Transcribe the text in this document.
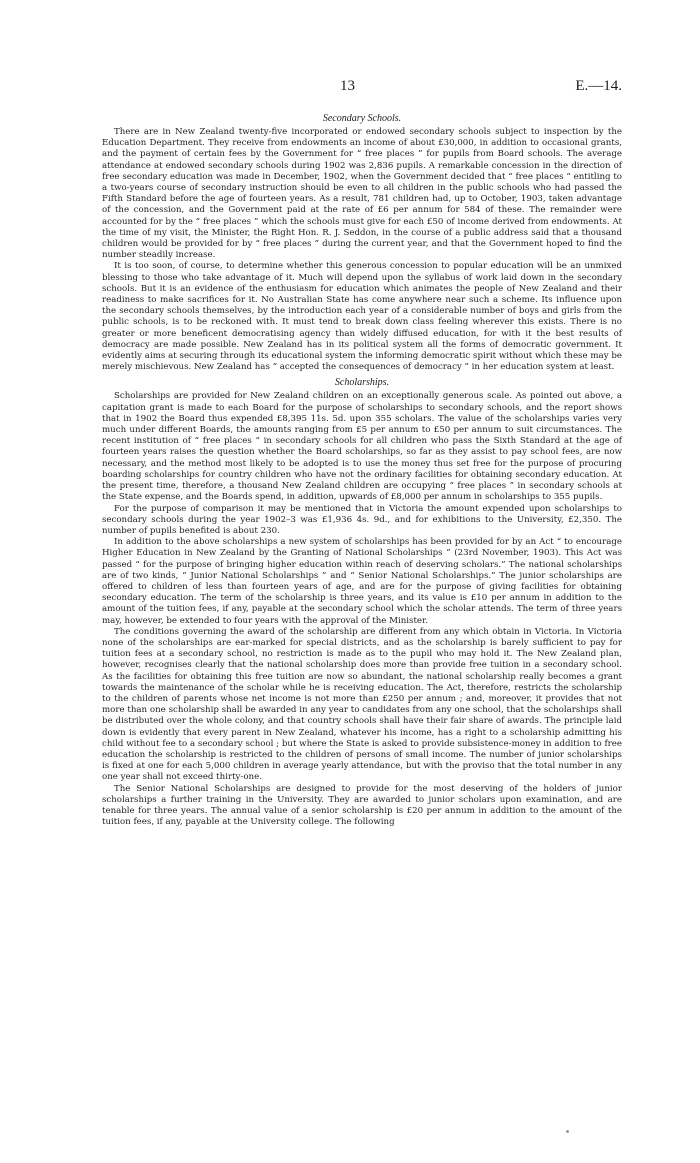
13	E.—14.
Secondary Schools.

There are in New Zealand twenty-five incorporated or endowed secondary schools subject to inspection by the Education Department. They receive from endowments an income of about £30,000, in addition to occasional grants, and the payment of certain fees by the Government for “ free places ” for pupils from Board schools. The average attendance at endowed secondary schools during 1902 was 2,836 pupils. A remarkable concession in the direction of free secondary education was made in December, 1902, when the Government decided that “ free places ” entitling to a two-years course of secondary instruction should be even to all children in the public schools who had passed the Fifth Standard before the age of fourteen years. As a result, 781 children had, up to October, 1903, taken advantage of the concession, and the Government paid at the rate of £6 per annum for 584 of these. The remainder were accounted for by the “ free places ” which the schools must give for each £50 of income derived from endowments. At the time of my visit, the Minister, the Right Hon. R. J. Seddon, in the course of a public address said that a thousand children would be provided for by “ free places ” during the current year, and that the Government hoped to find the number steadily increase.

It is too soon, of course, to determine whether this generous concession to popular education will be an unmixed blessing to those who take advantage of it. Much will depend upon the syllabus of work laid down in the secondary schools. But it is an evidence of the enthusiasm for education which animates the people of New Zealand and their readiness to make sacrifices for it. No Australian State has come anywhere near such a scheme. Its influence upon the secondary schools themselves, by the introduction each year of a considerable number of boys and girls from the public schools, is to be reckoned with. It must tend to break down class feeling wherever this exists. There is no greater or more beneficent democratising agency than widely diffused education, for with it the best results of democracy are made possible. New Zealand has in its political system all the forms of democratic government. It evidently aims at securing through its educational system the informing democratic spirit without which these may be merely mischievous. New Zealand has “ accepted the consequences of democracy ” in her education system at least.

Scholarships.

Scholarships are provided for New Zealand children on an exceptionally generous scale. As pointed out above, a capitation grant is made to each Board for the purpose of scholarships to secondary schools, and the report shows that in 1902 the Board thus expended £8,395 11s. 5d. upon 355 scholars. The value of the scholarships varies very much under different Boards, the amounts ranging from £5 per annum to £50 per annum to suit circumstances. The recent institution of “ free places ” in secondary schools for all children who pass the Sixth Standard at the age of fourteen years raises the question whether the Board scholarships, so far as they assist to pay school fees, are now necessary, and the method most likely to be adopted is to use the money thus set free for the purpose of procuring boarding scholarships for country children who have not the ordinary facilities for obtaining secondary education. At the present time, therefore, a thousand New Zealand children are occupying “ free places ” in secondary schools at the State expense, and the Boards spend, in addition, upwards of £8,000 per annum in scholarships to 355 pupils.

For the purpose of comparison it may be mentioned that in Victoria the amount expended upon scholarships to secondary schools during the year 1902–3 was £1,936 4s. 9d., and for exhibitions to the University, £2,350. The number of pupils benefited is about 230.

In addition to the above scholarships a new system of scholarships has been provided for by an Act “ to encourage Higher Education in New Zealand by the Granting of National Scholarships ” (23rd November, 1903). This Act was passed “ for the purpose of bringing higher education within reach of deserving scholars.” The national scholarships are of two kinds, “ Junior National Scholarships ” and “ Senior National Scholarships.” The junior scholarships are offered to children of less than fourteen years of age, and are for the purpose of giving facilities for obtaining secondary education. The term of the scholarship is three years, and its value is £10 per annum in addition to the amount of the tuition fees, if any, payable at the secondary school which the scholar attends. The term of three years may, however, be extended to four years with the approval of the Minister.

The conditions governing the award of the scholarship are different from any which obtain in Victoria. In Victoria none of the scholarships are ear-marked for special districts, and as the scholarship is barely sufficient to pay for tuition fees at a secondary school, no restriction is made as to the pupil who may hold it. The New Zealand plan, however, recognises clearly that the national scholarship does more than provide free tuition in a secondary school. As the facilities for obtaining this free tuition are now so abundant, the national scholarship really becomes a grant towards the maintenance of the scholar while he is receiving education. The Act, therefore, restricts the scholarship to the children of parents whose net income is not more than £250 per annum ; and, moreover, it provides that not more than one scholarship shall be awarded in any year to candidates from any one school, that the scholarships shall be distributed over the whole colony, and that country schools shall have their fair share of awards. The principle laid down is evidently that every parent in New Zealand, whatever his income, has a right to a scholarship admitting his child without fee to a secondary school ; but where the State is asked to provide subsistence-money in addition to free education the scholarship is restricted to the children of persons of small income. The number of junior scholarships is fixed at one for each 5,000 children in average yearly attendance, but with the proviso that the total number in any one year shall not exceed thirty-one.

The Senior National Scholarships are designed to provide for the most deserving of the holders of junior scholarships a further training in the University. They are awarded to junior scholars upon examination, and are tenable for three years. The annual value of a senior scholarship is £20 per annum in addition to the amount of the tuition fees, if any, payable at the University college. The following
